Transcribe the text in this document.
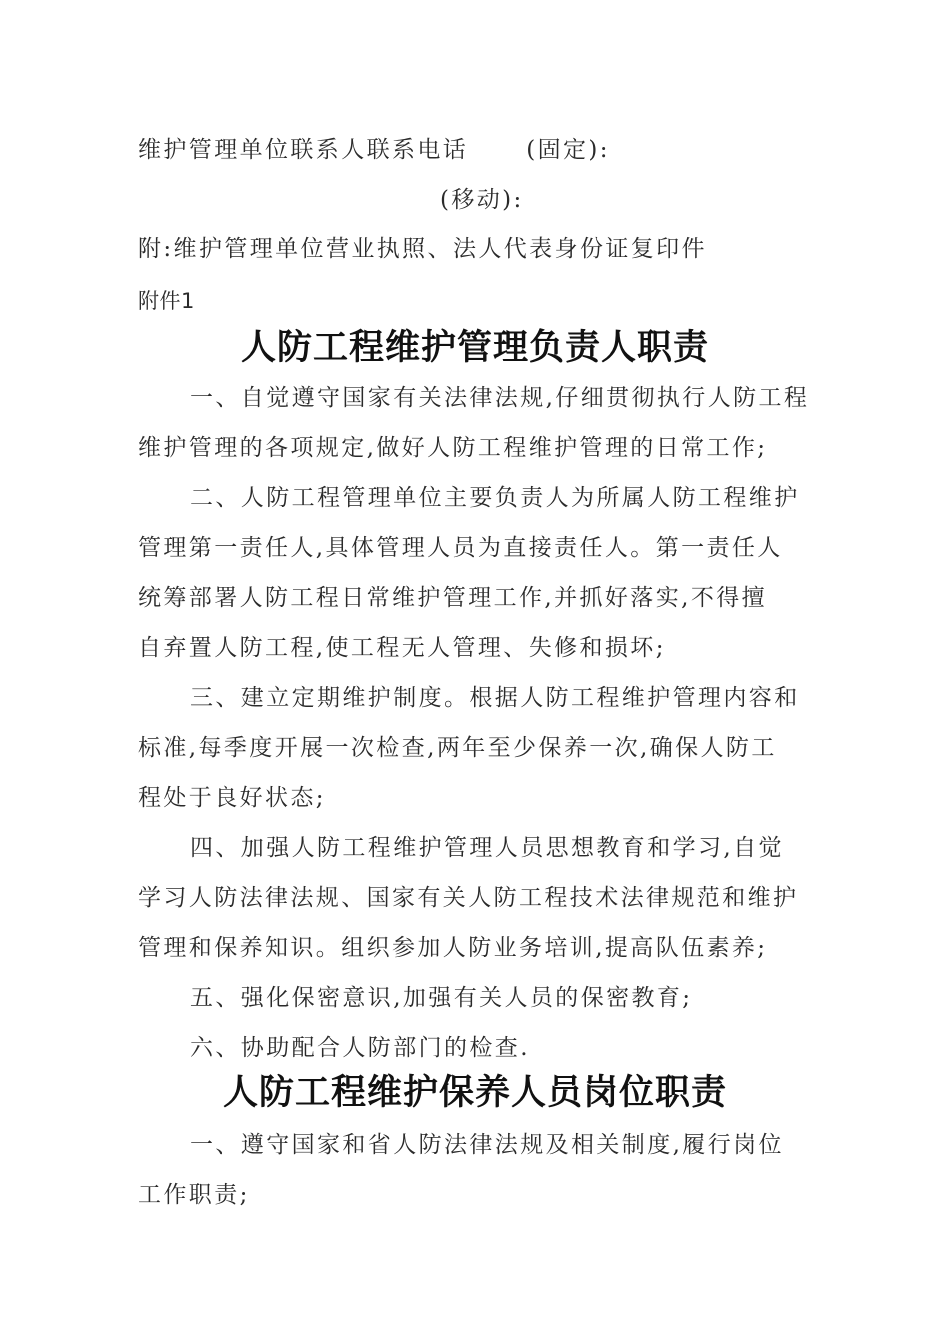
维护管理单位联系人联系电话	(固定):
(移动):
附:维护管理单位营业执照、法人代表身份证复印件
附件1
人防工程维护管理负责人职责
一、自觉遵守国家有关法律法规,仔细贯彻执行人防工程
维护管理的各项规定,做好人防工程维护管理的日常工作;
二、人防工程管理单位主要负责人为所属人防工程维护
管理第一责任人,具体管理人员为直接责任人。第一责任人
统筹部署人防工程日常维护管理工作,并抓好落实,不得擅
自弃置人防工程,使工程无人管理、失修和损坏;
三、建立定期维护制度。根据人防工程维护管理内容和
标准,每季度开展一次检查,两年至少保养一次,确保人防工
程处于良好状态;
四、加强人防工程维护管理人员思想教育和学习,自觉
学习人防法律法规、国家有关人防工程技术法律规范和维护
管理和保养知识。组织参加人防业务培训,提高队伍素养;
五、强化保密意识,加强有关人员的保密教育;
六、协助配合人防部门的检查.
人防工程维护保养人员岗位职责
一、遵守国家和省人防法律法规及相关制度,履行岗位
工作职责;
